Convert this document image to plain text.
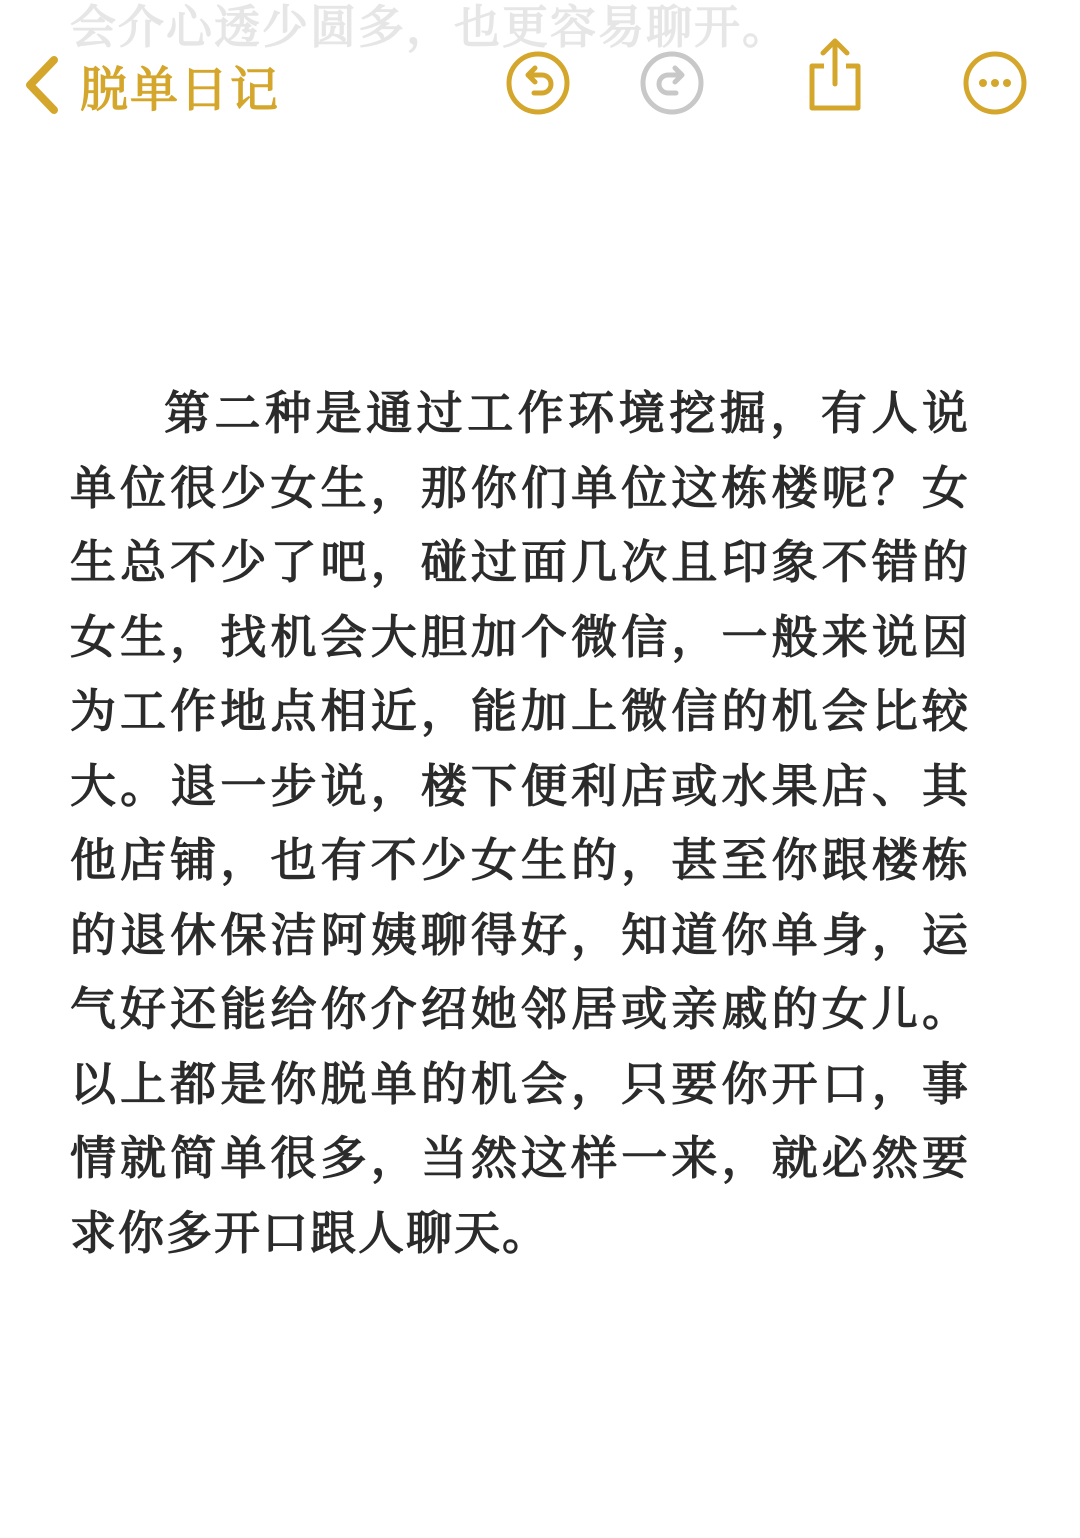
会介心透少圆多，也更容易聊开。
脱单日记

第二种是通过工作环境挖掘，有人说单位很少女生，那你们单位这栋楼呢？女生总不少了吧，碰过面几次且印象不错的女生，找机会大胆加个微信，一般来说因为工作地点相近，能加上微信的机会比较大。退一步说，楼下便利店或水果店、其他店铺，也有不少女生的，甚至你跟楼栋的退休保洁阿姨聊得好，知道你单身，运气好还能给你介绍她邻居或亲戚的女儿。以上都是你脱单的机会，只要你开口，事情就简单很多，当然这样一来，就必然要求你多开口跟人聊天。
